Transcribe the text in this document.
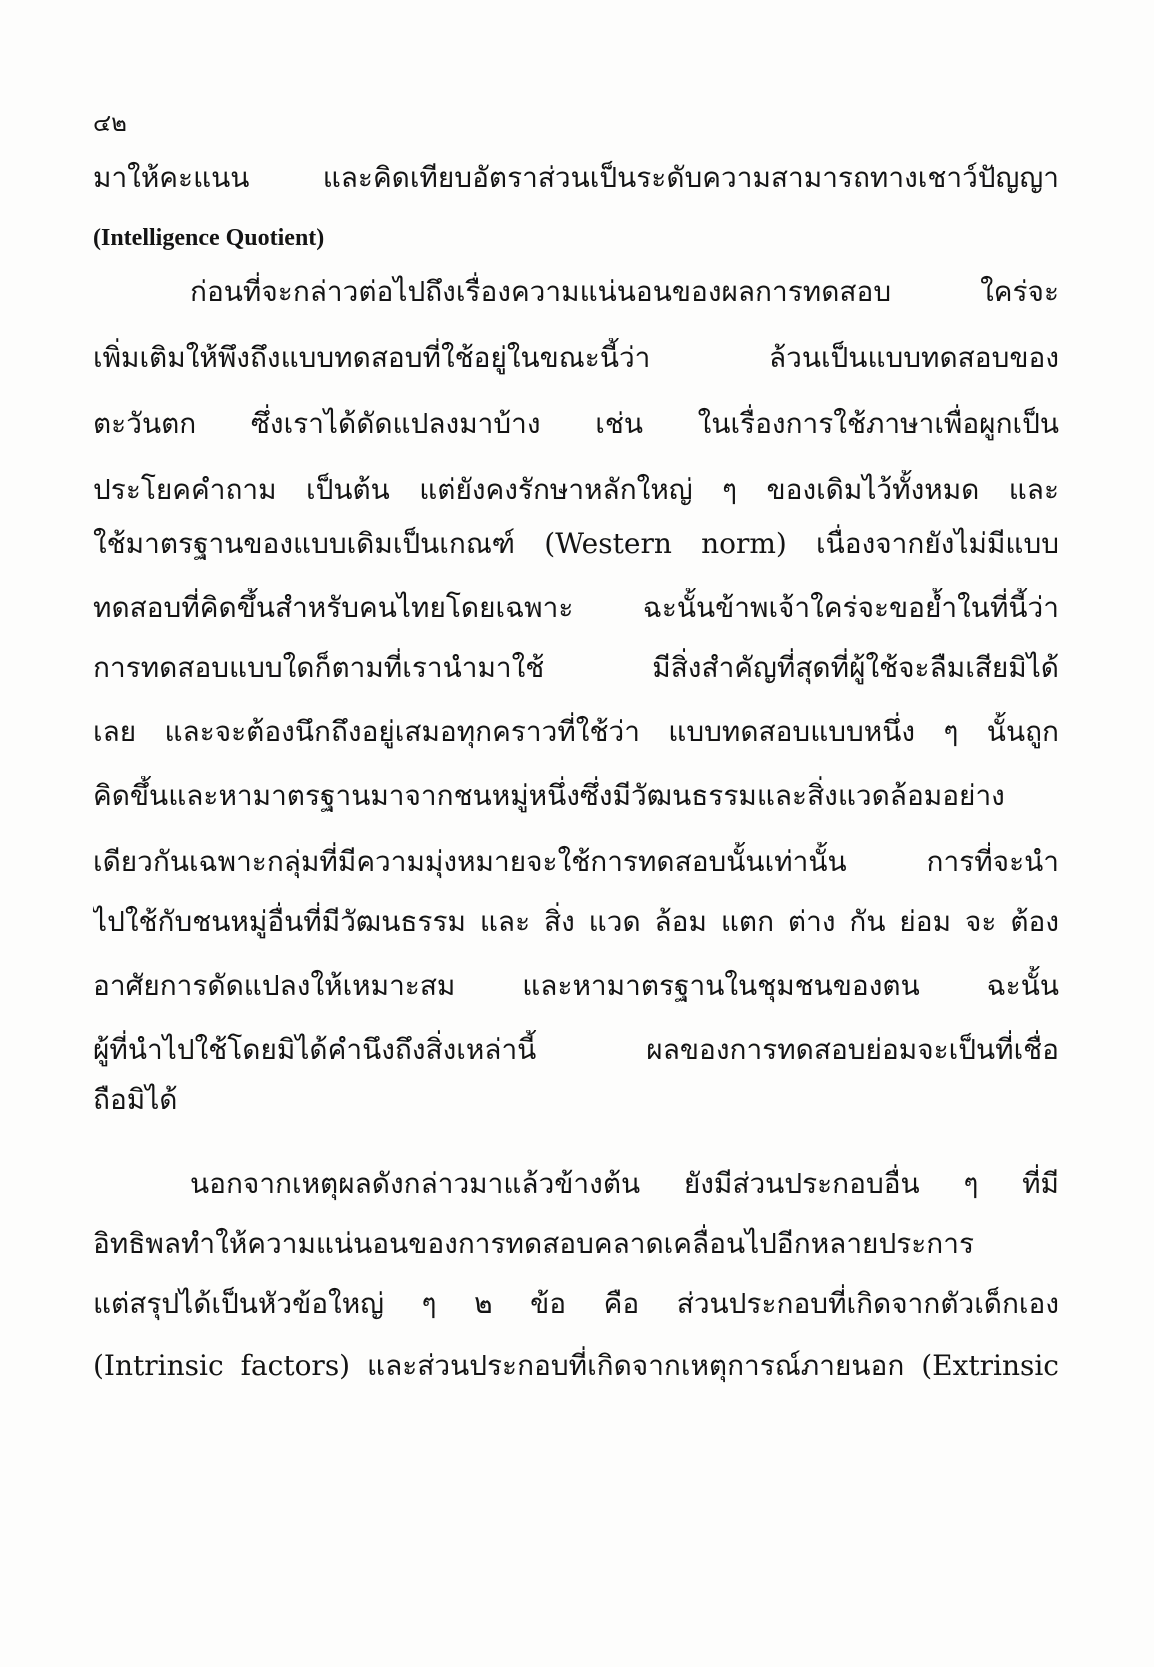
๔๒
มาให้คะแนน และคิดเทียบอัตราส่วนเป็นระดับความสามารถทางเชาว์ปัญญา
(Intelligence Quotient)
ก่อนที่จะกล่าวต่อไปถึงเรื่องความแน่นอนของผลการทดสอบ ใคร่จะ
เพิ่มเติมให้พึงถึงแบบทดสอบที่ใช้อยู่ในขณะนี้ว่า ล้วนเป็นแบบทดสอบของ
ตะวันตก ซึ่งเราได้ดัดแปลงมาบ้าง เช่น ในเรื่องการใช้ภาษาเพื่อผูกเป็น
ประโยคคำถาม เป็นต้น แต่ยังคงรักษาหลักใหญ่ ๆ ของเดิมไว้ทั้งหมด และ
ใช้มาตรฐานของแบบเดิมเป็นเกณฑ์ (Western norm) เนื่องจากยังไม่มีแบบ
ทดสอบที่คิดขึ้นสำหรับคนไทยโดยเฉพาะ ฉะนั้นข้าพเจ้าใคร่จะขอย้ำในที่นี้ว่า
การทดสอบแบบใดก็ตามที่เรานำมาใช้ มีสิ่งสำคัญที่สุดที่ผู้ใช้จะลืมเสียมิได้
เลย และจะต้องนึกถึงอยู่เสมอทุกคราวที่ใช้ว่า แบบทดสอบแบบหนึ่ง ๆ นั้นถูก
คิดขึ้นและหามาตรฐานมาจากชนหมู่หนึ่งซึ่งมีวัฒนธรรมและสิ่งแวดล้อมอย่าง
เดียวกันเฉพาะกลุ่มที่มีความมุ่งหมายจะใช้การทดสอบนั้นเท่านั้น การที่จะนำ
ไปใช้กับชนหมู่อื่นที่มีวัฒนธรรม และ สิ่ง แวด ล้อม แตก ต่าง กัน ย่อม จะ ต้อง
อาศัยการดัดแปลงให้เหมาะสม และหามาตรฐานในชุมชนของตน ฉะนั้น
ผู้ที่นำไปใช้โดยมิได้คำนึงถึงสิ่งเหล่านี้ ผลของการทดสอบย่อมจะเป็นที่เชื่อ
ถือมิได้
นอกจากเหตุผลดังกล่าวมาแล้วข้างต้น ยังมีส่วนประกอบอื่น ๆ ที่มี
อิทธิพลทำให้ความแน่นอนของการทดสอบคลาดเคลื่อนไปอีกหลายประการ
แต่สรุปได้เป็นหัวข้อใหญ่ ๆ ๒ ข้อ คือ ส่วนประกอบที่เกิดจากตัวเด็กเอง
(Intrinsic factors) และส่วนประกอบที่เกิดจากเหตุการณ์ภายนอก (Extrinsic
